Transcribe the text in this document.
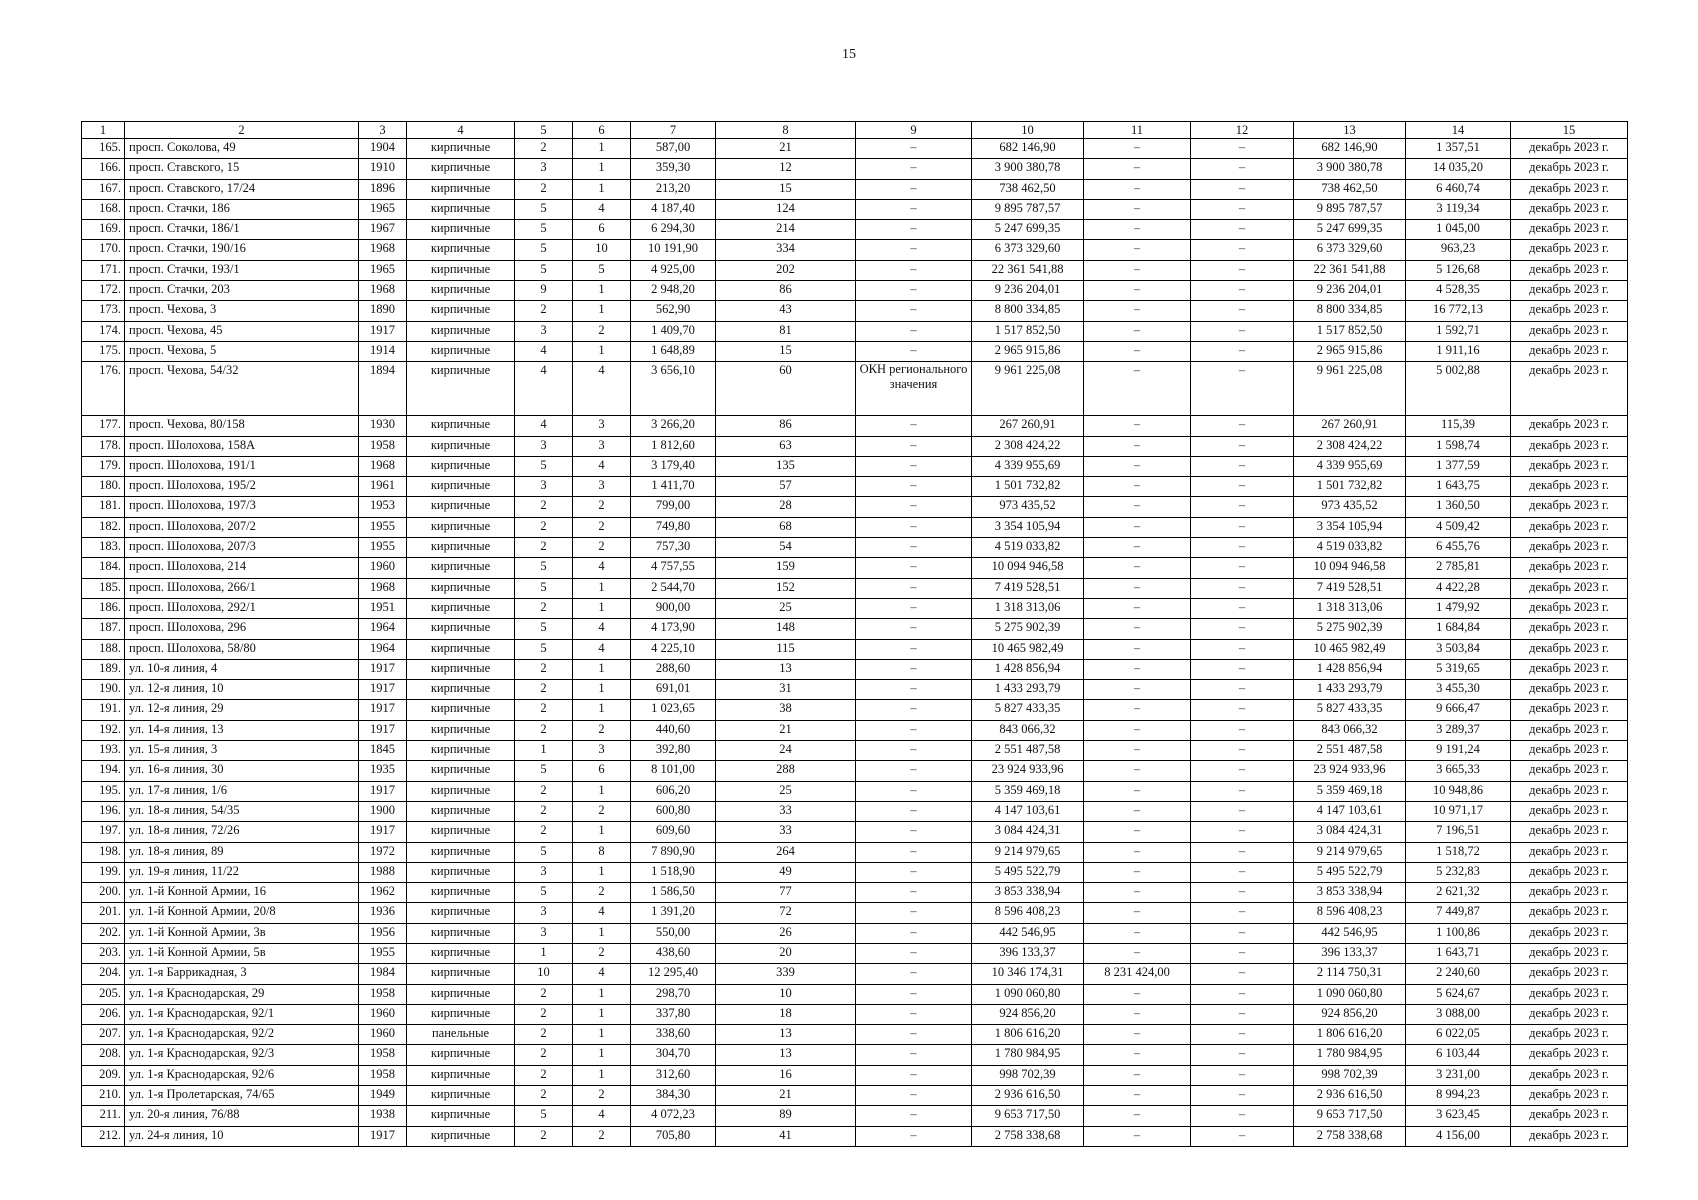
15
1	2	3	4	5	6	7	8	9	10	11	12	13	14	15
165.	просп. Соколова, 49	1904	кирпичные	2	1	587,00	21	–	682 146,90	–	–	682 146,90	1 357,51	декабрь 2023 г.
166.	просп. Ставского, 15	1910	кирпичные	3	1	359,30	12	–	3 900 380,78	–	–	3 900 380,78	14 035,20	декабрь 2023 г.
167.	просп. Ставского, 17/24	1896	кирпичные	2	1	213,20	15	–	738 462,50	–	–	738 462,50	6 460,74	декабрь 2023 г.
168.	просп. Стачки, 186	1965	кирпичные	5	4	4 187,40	124	–	9 895 787,57	–	–	9 895 787,57	3 119,34	декабрь 2023 г.
169.	просп. Стачки, 186/1	1967	кирпичные	5	6	6 294,30	214	–	5 247 699,35	–	–	5 247 699,35	1 045,00	декабрь 2023 г.
170.	просп. Стачки, 190/16	1968	кирпичные	5	10	10 191,90	334	–	6 373 329,60	–	–	6 373 329,60	963,23	декабрь 2023 г.
171.	просп. Стачки, 193/1	1965	кирпичные	5	5	4 925,00	202	–	22 361 541,88	–	–	22 361 541,88	5 126,68	декабрь 2023 г.
172.	просп. Стачки, 203	1968	кирпичные	9	1	2 948,20	86	–	9 236 204,01	–	–	9 236 204,01	4 528,35	декабрь 2023 г.
173.	просп. Чехова, 3	1890	кирпичные	2	1	562,90	43	–	8 800 334,85	–	–	8 800 334,85	16 772,13	декабрь 2023 г.
174.	просп. Чехова, 45	1917	кирпичные	3	2	1 409,70	81	–	1 517 852,50	–	–	1 517 852,50	1 592,71	декабрь 2023 г.
175.	просп. Чехова, 5	1914	кирпичные	4	1	1 648,89	15	–	2 965 915,86	–	–	2 965 915,86	1 911,16	декабрь 2023 г.
176.	просп. Чехова, 54/32	1894	кирпичные	4	4	3 656,10	60	ОКН регионального значения	9 961 225,08	–	–	9 961 225,08	5 002,88	декабрь 2023 г.
177.	просп. Чехова, 80/158	1930	кирпичные	4	3	3 266,20	86	–	267 260,91	–	–	267 260,91	115,39	декабрь 2023 г.
178.	просп. Шолохова, 158А	1958	кирпичные	3	3	1 812,60	63	–	2 308 424,22	–	–	2 308 424,22	1 598,74	декабрь 2023 г.
179.	просп. Шолохова, 191/1	1968	кирпичные	5	4	3 179,40	135	–	4 339 955,69	–	–	4 339 955,69	1 377,59	декабрь 2023 г.
180.	просп. Шолохова, 195/2	1961	кирпичные	3	3	1 411,70	57	–	1 501 732,82	–	–	1 501 732,82	1 643,75	декабрь 2023 г.
181.	просп. Шолохова, 197/3	1953	кирпичные	2	2	799,00	28	–	973 435,52	–	–	973 435,52	1 360,50	декабрь 2023 г.
182.	просп. Шолохова, 207/2	1955	кирпичные	2	2	749,80	68	–	3 354 105,94	–	–	3 354 105,94	4 509,42	декабрь 2023 г.
183.	просп. Шолохова, 207/3	1955	кирпичные	2	2	757,30	54	–	4 519 033,82	–	–	4 519 033,82	6 455,76	декабрь 2023 г.
184.	просп. Шолохова, 214	1960	кирпичные	5	4	4 757,55	159	–	10 094 946,58	–	–	10 094 946,58	2 785,81	декабрь 2023 г.
185.	просп. Шолохова, 266/1	1968	кирпичные	5	1	2 544,70	152	–	7 419 528,51	–	–	7 419 528,51	4 422,28	декабрь 2023 г.
186.	просп. Шолохова, 292/1	1951	кирпичные	2	1	900,00	25	–	1 318 313,06	–	–	1 318 313,06	1 479,92	декабрь 2023 г.
187.	просп. Шолохова, 296	1964	кирпичные	5	4	4 173,90	148	–	5 275 902,39	–	–	5 275 902,39	1 684,84	декабрь 2023 г.
188.	просп. Шолохова, 58/80	1964	кирпичные	5	4	4 225,10	115	–	10 465 982,49	–	–	10 465 982,49	3 503,84	декабрь 2023 г.
189.	ул. 10-я линия, 4	1917	кирпичные	2	1	288,60	13	–	1 428 856,94	–	–	1 428 856,94	5 319,65	декабрь 2023 г.
190.	ул. 12-я линия, 10	1917	кирпичные	2	1	691,01	31	–	1 433 293,79	–	–	1 433 293,79	3 455,30	декабрь 2023 г.
191.	ул. 12-я линия, 29	1917	кирпичные	2	1	1 023,65	38	–	5 827 433,35	–	–	5 827 433,35	9 666,47	декабрь 2023 г.
192.	ул. 14-я линия, 13	1917	кирпичные	2	2	440,60	21	–	843 066,32	–	–	843 066,32	3 289,37	декабрь 2023 г.
193.	ул. 15-я линия, 3	1845	кирпичные	1	3	392,80	24	–	2 551 487,58	–	–	2 551 487,58	9 191,24	декабрь 2023 г.
194.	ул. 16-я линия, 30	1935	кирпичные	5	6	8 101,00	288	–	23 924 933,96	–	–	23 924 933,96	3 665,33	декабрь 2023 г.
195.	ул. 17-я линия, 1/6	1917	кирпичные	2	1	606,20	25	–	5 359 469,18	–	–	5 359 469,18	10 948,86	декабрь 2023 г.
196.	ул. 18-я линия, 54/35	1900	кирпичные	2	2	600,80	33	–	4 147 103,61	–	–	4 147 103,61	10 971,17	декабрь 2023 г.
197.	ул. 18-я линия, 72/26	1917	кирпичные	2	1	609,60	33	–	3 084 424,31	–	–	3 084 424,31	7 196,51	декабрь 2023 г.
198.	ул. 18-я линия, 89	1972	кирпичные	5	8	7 890,90	264	–	9 214 979,65	–	–	9 214 979,65	1 518,72	декабрь 2023 г.
199.	ул. 19-я линия, 11/22	1988	кирпичные	3	1	1 518,90	49	–	5 495 522,79	–	–	5 495 522,79	5 232,83	декабрь 2023 г.
200.	ул. 1-й Конной Армии, 16	1962	кирпичные	5	2	1 586,50	77	–	3 853 338,94	–	–	3 853 338,94	2 621,32	декабрь 2023 г.
201.	ул. 1-й Конной Армии, 20/8	1936	кирпичные	3	4	1 391,20	72	–	8 596 408,23	–	–	8 596 408,23	7 449,87	декабрь 2023 г.
202.	ул. 1-й Конной Армии, 3в	1956	кирпичные	3	1	550,00	26	–	442 546,95	–	–	442 546,95	1 100,86	декабрь 2023 г.
203.	ул. 1-й Конной Армии, 5в	1955	кирпичные	1	2	438,60	20	–	396 133,37	–	–	396 133,37	1 643,71	декабрь 2023 г.
204.	ул. 1-я Баррикадная, 3	1984	кирпичные	10	4	12 295,40	339	–	10 346 174,31	8 231 424,00	–	2 114 750,31	2 240,60	декабрь 2023 г.
205.	ул. 1-я Краснодарская, 29	1958	кирпичные	2	1	298,70	10	–	1 090 060,80	–	–	1 090 060,80	5 624,67	декабрь 2023 г.
206.	ул. 1-я Краснодарская, 92/1	1960	кирпичные	2	1	337,80	18	–	924 856,20	–	–	924 856,20	3 088,00	декабрь 2023 г.
207.	ул. 1-я Краснодарская, 92/2	1960	панельные	2	1	338,60	13	–	1 806 616,20	–	–	1 806 616,20	6 022,05	декабрь 2023 г.
208.	ул. 1-я Краснодарская, 92/3	1958	кирпичные	2	1	304,70	13	–	1 780 984,95	–	–	1 780 984,95	6 103,44	декабрь 2023 г.
209.	ул. 1-я Краснодарская, 92/6	1958	кирпичные	2	1	312,60	16	–	998 702,39	–	–	998 702,39	3 231,00	декабрь 2023 г.
210.	ул. 1-я Пролетарская, 74/65	1949	кирпичные	2	2	384,30	21	–	2 936 616,50	–	–	2 936 616,50	8 994,23	декабрь 2023 г.
211.	ул. 20-я линия, 76/88	1938	кирпичные	5	4	4 072,23	89	–	9 653 717,50	–	–	9 653 717,50	3 623,45	декабрь 2023 г.
212.	ул. 24-я линия, 10	1917	кирпичные	2	2	705,80	41	–	2 758 338,68	–	–	2 758 338,68	4 156,00	декабрь 2023 г.
